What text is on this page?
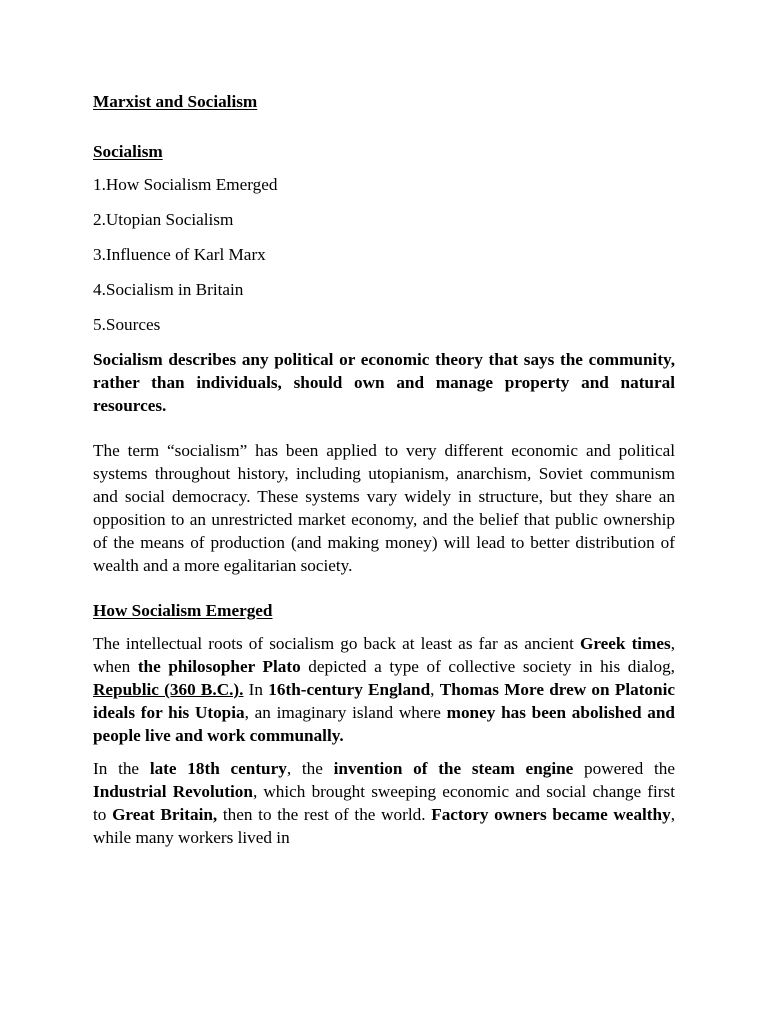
Marxist and Socialism

Socialism

1.How Socialism Emerged

2.Utopian Socialism

3.Influence of Karl Marx

4.Socialism in Britain

5.Sources

Socialism describes any political or economic theory that says the community, rather than individuals, should own and manage property and natural resources.

The term “socialism” has been applied to very different economic and political systems throughout history, including utopianism, anarchism, Soviet communism and social democracy. These systems vary widely in structure, but they share an opposition to an unrestricted market economy, and the belief that public ownership of the means of production (and making money) will lead to better distribution of wealth and a more egalitarian society.

How Socialism Emerged

The intellectual roots of socialism go back at least as far as ancient Greek times, when the philosopher Plato depicted a type of collective society in his dialog, Republic (360 B.C.). In 16th-century England, Thomas More drew on Platonic ideals for his Utopia, an imaginary island where money has been abolished and people live and work communally.

In the late 18th century, the invention of the steam engine powered the Industrial Revolution, which brought sweeping economic and social change first to Great Britain, then to the rest of the world. Factory owners became wealthy, while many workers lived in
